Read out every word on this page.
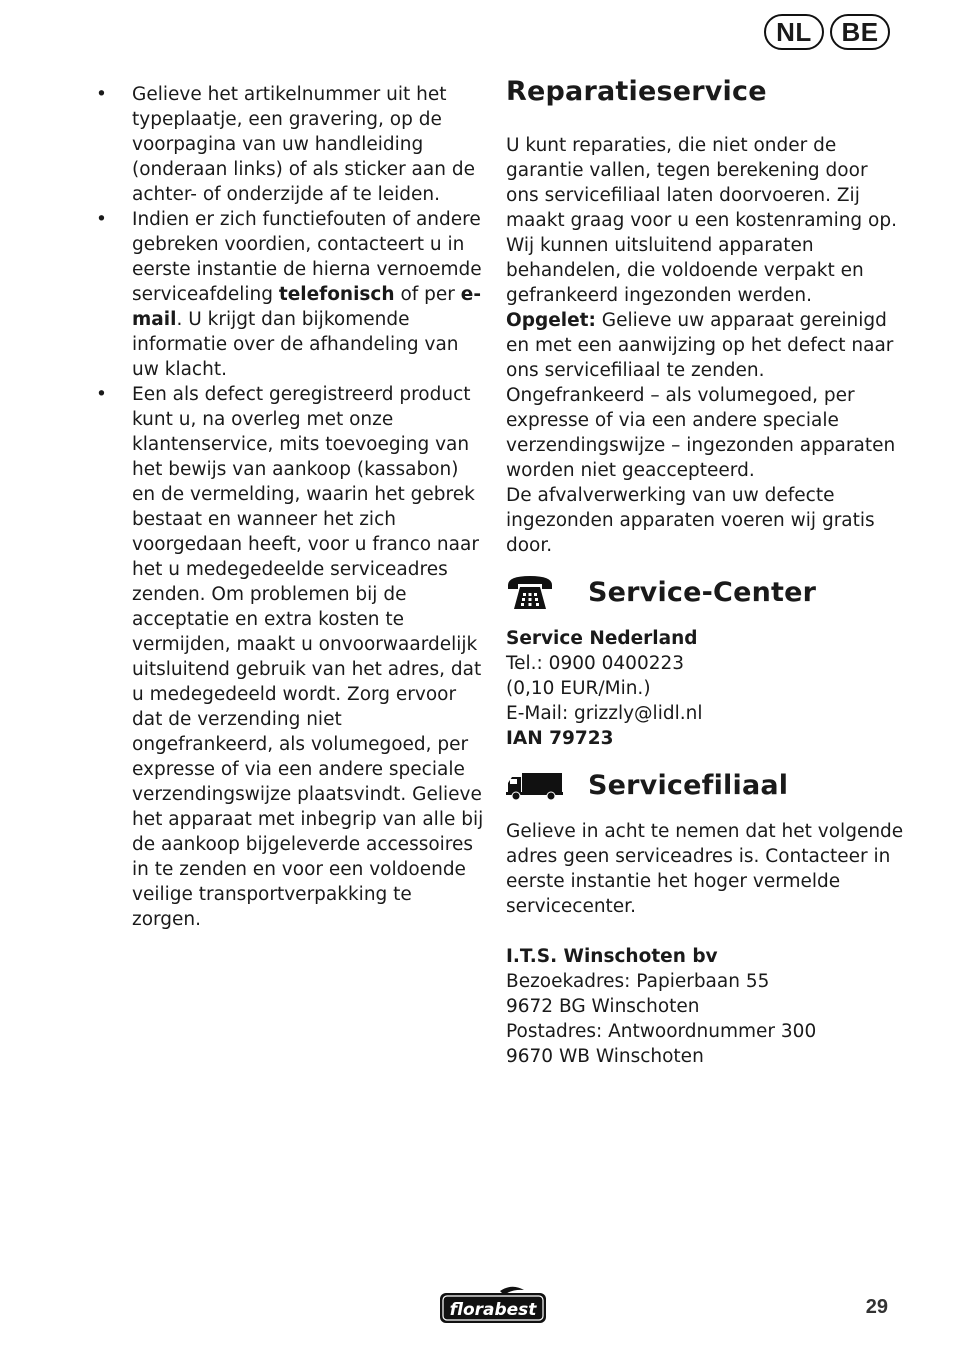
NL	BE
• Gelieve het artikelnummer uit het typeplaatje, een gravering, op de voorpagina van uw handleiding (onderaan links) of als sticker aan de achter- of onderzijde af te leiden.
• Indien er zich functiefouten of andere gebreken voordien, contacteert u in eerste instantie de hierna vernoemde serviceafdeling telefonisch of per e-mail. U krijgt dan bijkomende informatie over de afhandeling van uw klacht.
• Een als defect geregistreerd product kunt u, na overleg met onze klantenservice, mits toevoeging van het bewijs van aankoop (kassabon) en de vermelding, waarin het gebrek bestaat en wanneer het zich voorgedaan heeft, voor u franco naar het u medegedeelde serviceadres zenden. Om problemen bij de acceptatie en extra kosten te vermijden, maakt u onvoorwaardelijk uitsluitend gebruik van het adres, dat u medegedeeld wordt. Zorg ervoor dat de verzending niet ongefrankeerd, als volumegoed, per expresse of via een andere speciale verzendingswijze plaatsvindt. Gelieve het apparaat met inbegrip van alle bij de aankoop bijgeleverde accessoires in te zenden en voor een voldoende veilige transportverpakking te zorgen.
Reparatieservice

U kunt reparaties, die niet onder de garantie vallen, tegen berekening door ons servicefiliaal laten doorvoeren. Zij maakt graag voor u een kostenraming op.

Wij kunnen uitsluitend apparaten behandelen, die voldoende verpakt en gefrankeerd ingezonden werden.

Opgelet: Gelieve uw apparaat gereinigd en met een aanwijzing op het defect naar ons servicefiliaal te zenden.

Ongefrankeerd – als volumegoed, per expresse of via een andere speciale verzendingswijze – ingezonden apparaten worden niet geaccepteerd.

De afvalverwerking van uw defecte ingezonden apparaten voeren wij gratis door.

Service-Center

Service Nederland

Tel.: 0900 0400223

(0,10 EUR/Min.)

E-Mail: grizzly@lidl.nl

IAN 79723

Servicefiliaal

Gelieve in acht te nemen dat het volgende adres geen serviceadres is. Contacteer in eerste instantie het hoger vermelde servicecenter.

I.T.S. Winschoten bv

Bezoekadres: Papierbaan 55

9672 BG Winschoten

Postadres: Antwoordnummer 300

9670 WB Winschoten

florabest	29
